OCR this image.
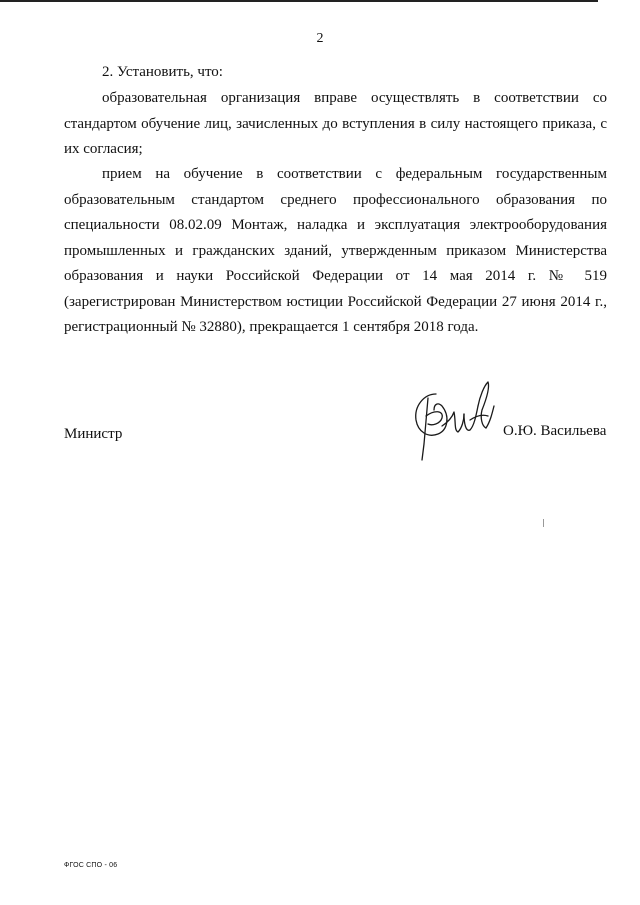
2
2. Установить, что:

образовательная организация вправе осуществлять в соответствии со стандартом обучение лиц, зачисленных до вступления в силу настоящего приказа, с их согласия;

прием на обучение в соответствии с федеральным государственным образовательным стандартом среднего профессионального образования по специальности 08.02.09 Монтаж, наладка и эксплуатация электрооборудования промышленных и гражданских зданий, утвержденным приказом Министерства образования и науки Российской Федерации от 14 мая 2014 г. № 519 (зарегистрирован Министерством юстиции Российской Федерации 27 июня 2014 г., регистрационный № 32880), прекращается 1 сентября 2018 года.

Министр	О.Ю. Васильева
ФГОС СПО - 06
